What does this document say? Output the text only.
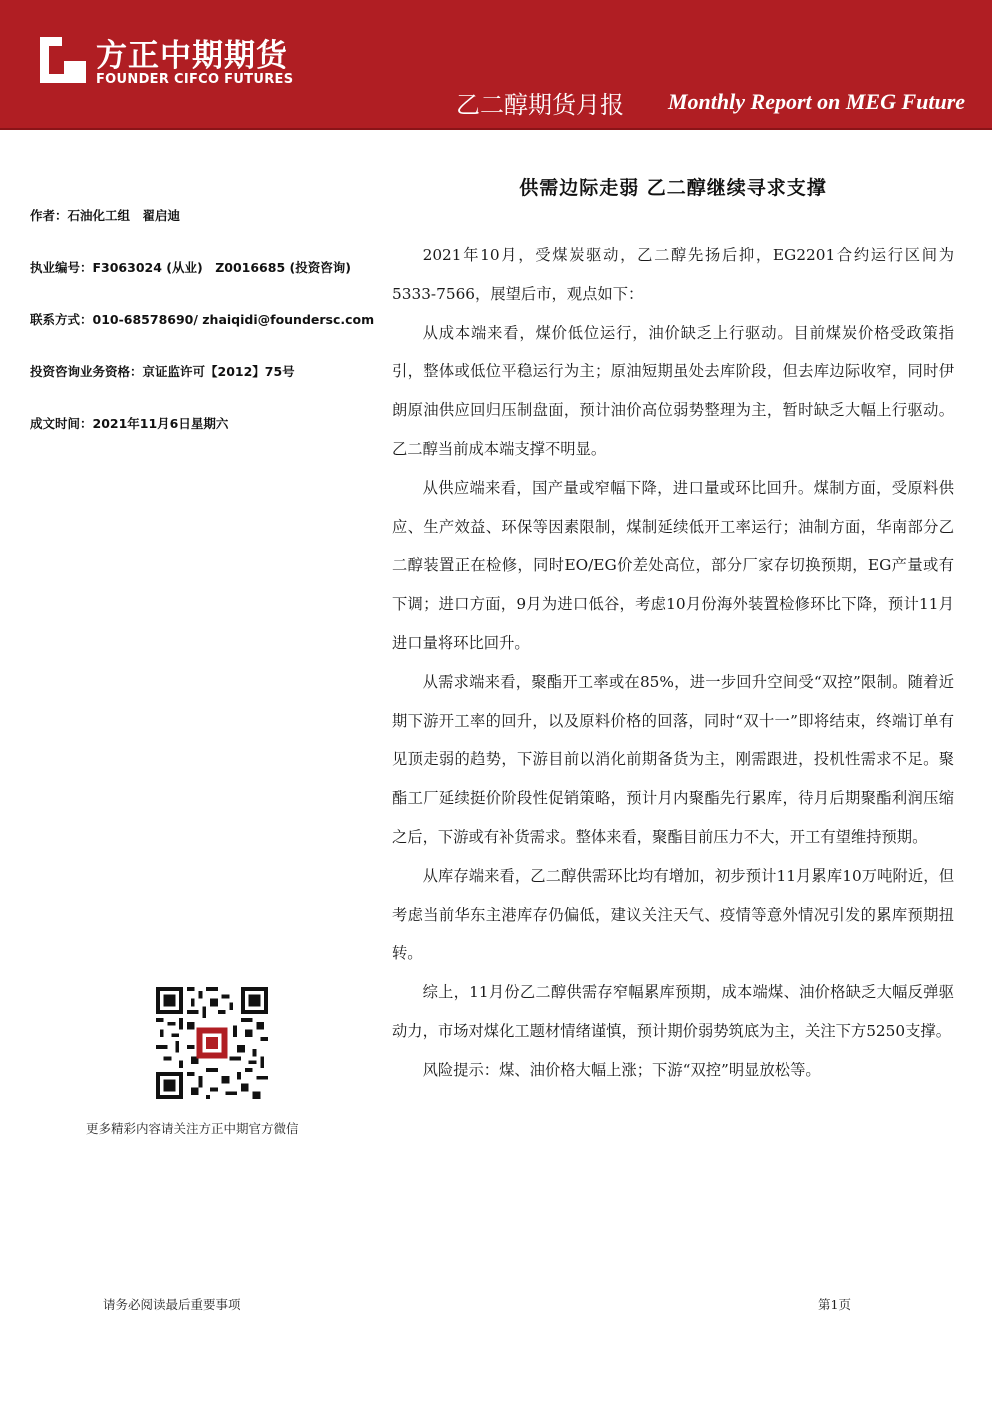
方正中期期货
FOUNDER CIFCO FUTURES
乙二醇期货月报 Monthly Report on MEG Future
供需边际走弱 乙二醇继续寻求支撑
作者：石油化工组　翟启迪
执业编号：F3063024 (从业)　Z0016685 (投资咨询)
联系方式：010-68578690/ zhaiqidi@foundersc.com
投资咨询业务资格：京证监许可【2012】75号
成文时间：2021年11月6日星期六

2021年10月，受煤炭驱动，乙二醇先扬后抑，EG2201合约运行区间为5333-7566，展望后市，观点如下：

从成本端来看，煤价低位运行，油价缺乏上行驱动。目前煤炭价格受政策指引，整体或低位平稳运行为主；原油短期虽处去库阶段，但去库边际收窄，同时伊朗原油供应回归压制盘面，预计油价高位弱势整理为主，暂时缺乏大幅上行驱动。乙二醇当前成本端支撑不明显。

从供应端来看，国产量或窄幅下降，进口量或环比回升。煤制方面，受原料供应、生产效益、环保等因素限制，煤制延续低开工率运行；油制方面，华南部分乙二醇装置正在检修，同时EO/EG价差处高位，部分厂家存切换预期，EG产量或有下调；进口方面，9月为进口低谷，考虑10月份海外装置检修环比下降，预计11月进口量将环比回升。

从需求端来看，聚酯开工率或在85%，进一步回升空间受“双控”限制。随着近期下游开工率的回升，以及原料价格的回落，同时“双十一”即将结束，终端订单有见顶走弱的趋势，下游目前以消化前期备货为主，刚需跟进，投机性需求不足。聚酯工厂延续挺价阶段性促销策略，预计月内聚酯先行累库，待月后期聚酯利润压缩之后，下游或有补货需求。整体来看，聚酯目前压力不大，开工有望维持预期。

从库存端来看，乙二醇供需环比均有增加，初步预计11月累库10万吨附近，但考虑当前华东主港库存仍偏低，建议关注天气、疫情等意外情况引发的累库预期扭转。

综上，11月份乙二醇供需存窄幅累库预期，成本端煤、油价格缺乏大幅反弹驱动力，市场对煤化工题材情绪谨慎，预计期价弱势筑底为主，关注下方5250支撑。

风险提示：煤、油价格大幅上涨；下游“双控”明显放松等。

更多精彩内容请关注方正中期官方微信
请务必阅读最后重要事项	第1页
